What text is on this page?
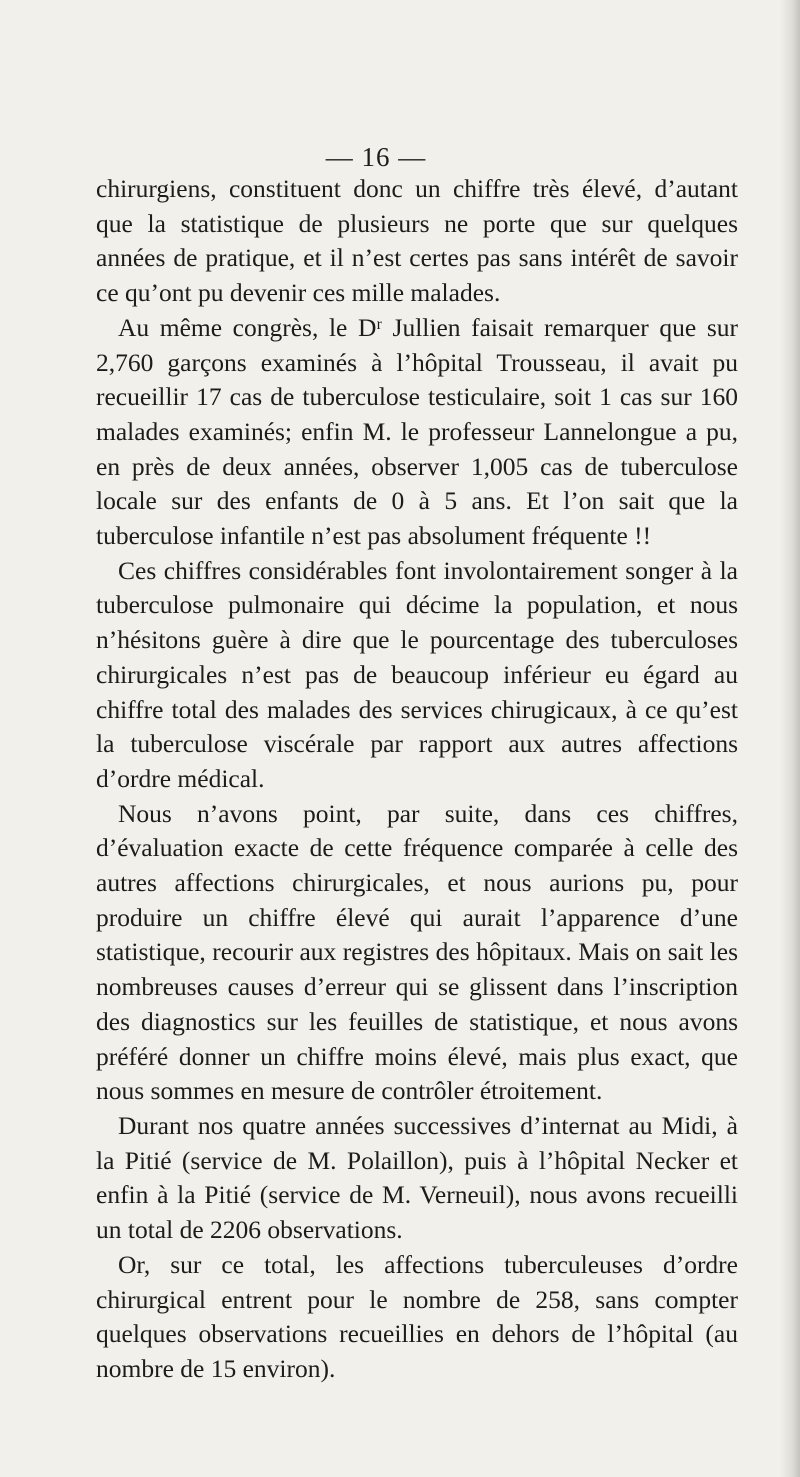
— 16 —

chirurgiens, constituent donc un chiffre très élevé, d’autant que la statistique de plusieurs ne porte que sur quelques années de pratique, et il n’est certes pas sans intérêt de savoir ce qu’ont pu devenir ces mille malades.

Au même congrès, le Dʳ Jullien faisait remarquer que sur 2,760 garçons examinés à l’hôpital Trousseau, il avait pu recueillir 17 cas de tuberculose testiculaire, soit 1 cas sur 160 malades examinés; enfin M. le professeur Lannelongue a pu, en près de deux années, observer 1,005 cas de tuberculose locale sur des enfants de 0 à 5 ans. Et l’on sait que la tuberculose infantile n’est pas absolument fréquente !!

Ces chiffres considérables font involontairement songer à la tuberculose pulmonaire qui décime la population, et nous n’hésitons guère à dire que le pourcentage des tuberculoses chirurgicales n’est pas de beaucoup inférieur eu égard au chiffre total des malades des services chirugicaux, à ce qu’est la tuberculose viscérale par rapport aux autres affections d’ordre médical.

Nous n’avons point, par suite, dans ces chiffres, d’évaluation exacte de cette fréquence comparée à celle des autres affections chirurgicales, et nous aurions pu, pour produire un chiffre élevé qui aurait l’apparence d’une statistique, recourir aux registres des hôpitaux. Mais on sait les nombreuses causes d’erreur qui se glissent dans l’inscription des diagnostics sur les feuilles de statistique, et nous avons préféré donner un chiffre moins élevé, mais plus exact, que nous sommes en mesure de contrôler étroitement.

Durant nos quatre années successives d’internat au Midi, à la Pitié (service de M. Polaillon), puis à l’hôpital Necker et enfin à la Pitié (service de M. Verneuil), nous avons recueilli un total de 2206 observations.

Or, sur ce total, les affections tuberculeuses d’ordre chirurgical entrent pour le nombre de 258, sans compter quelques observations recueillies en dehors de l’hôpital (au nombre de 15 environ).
